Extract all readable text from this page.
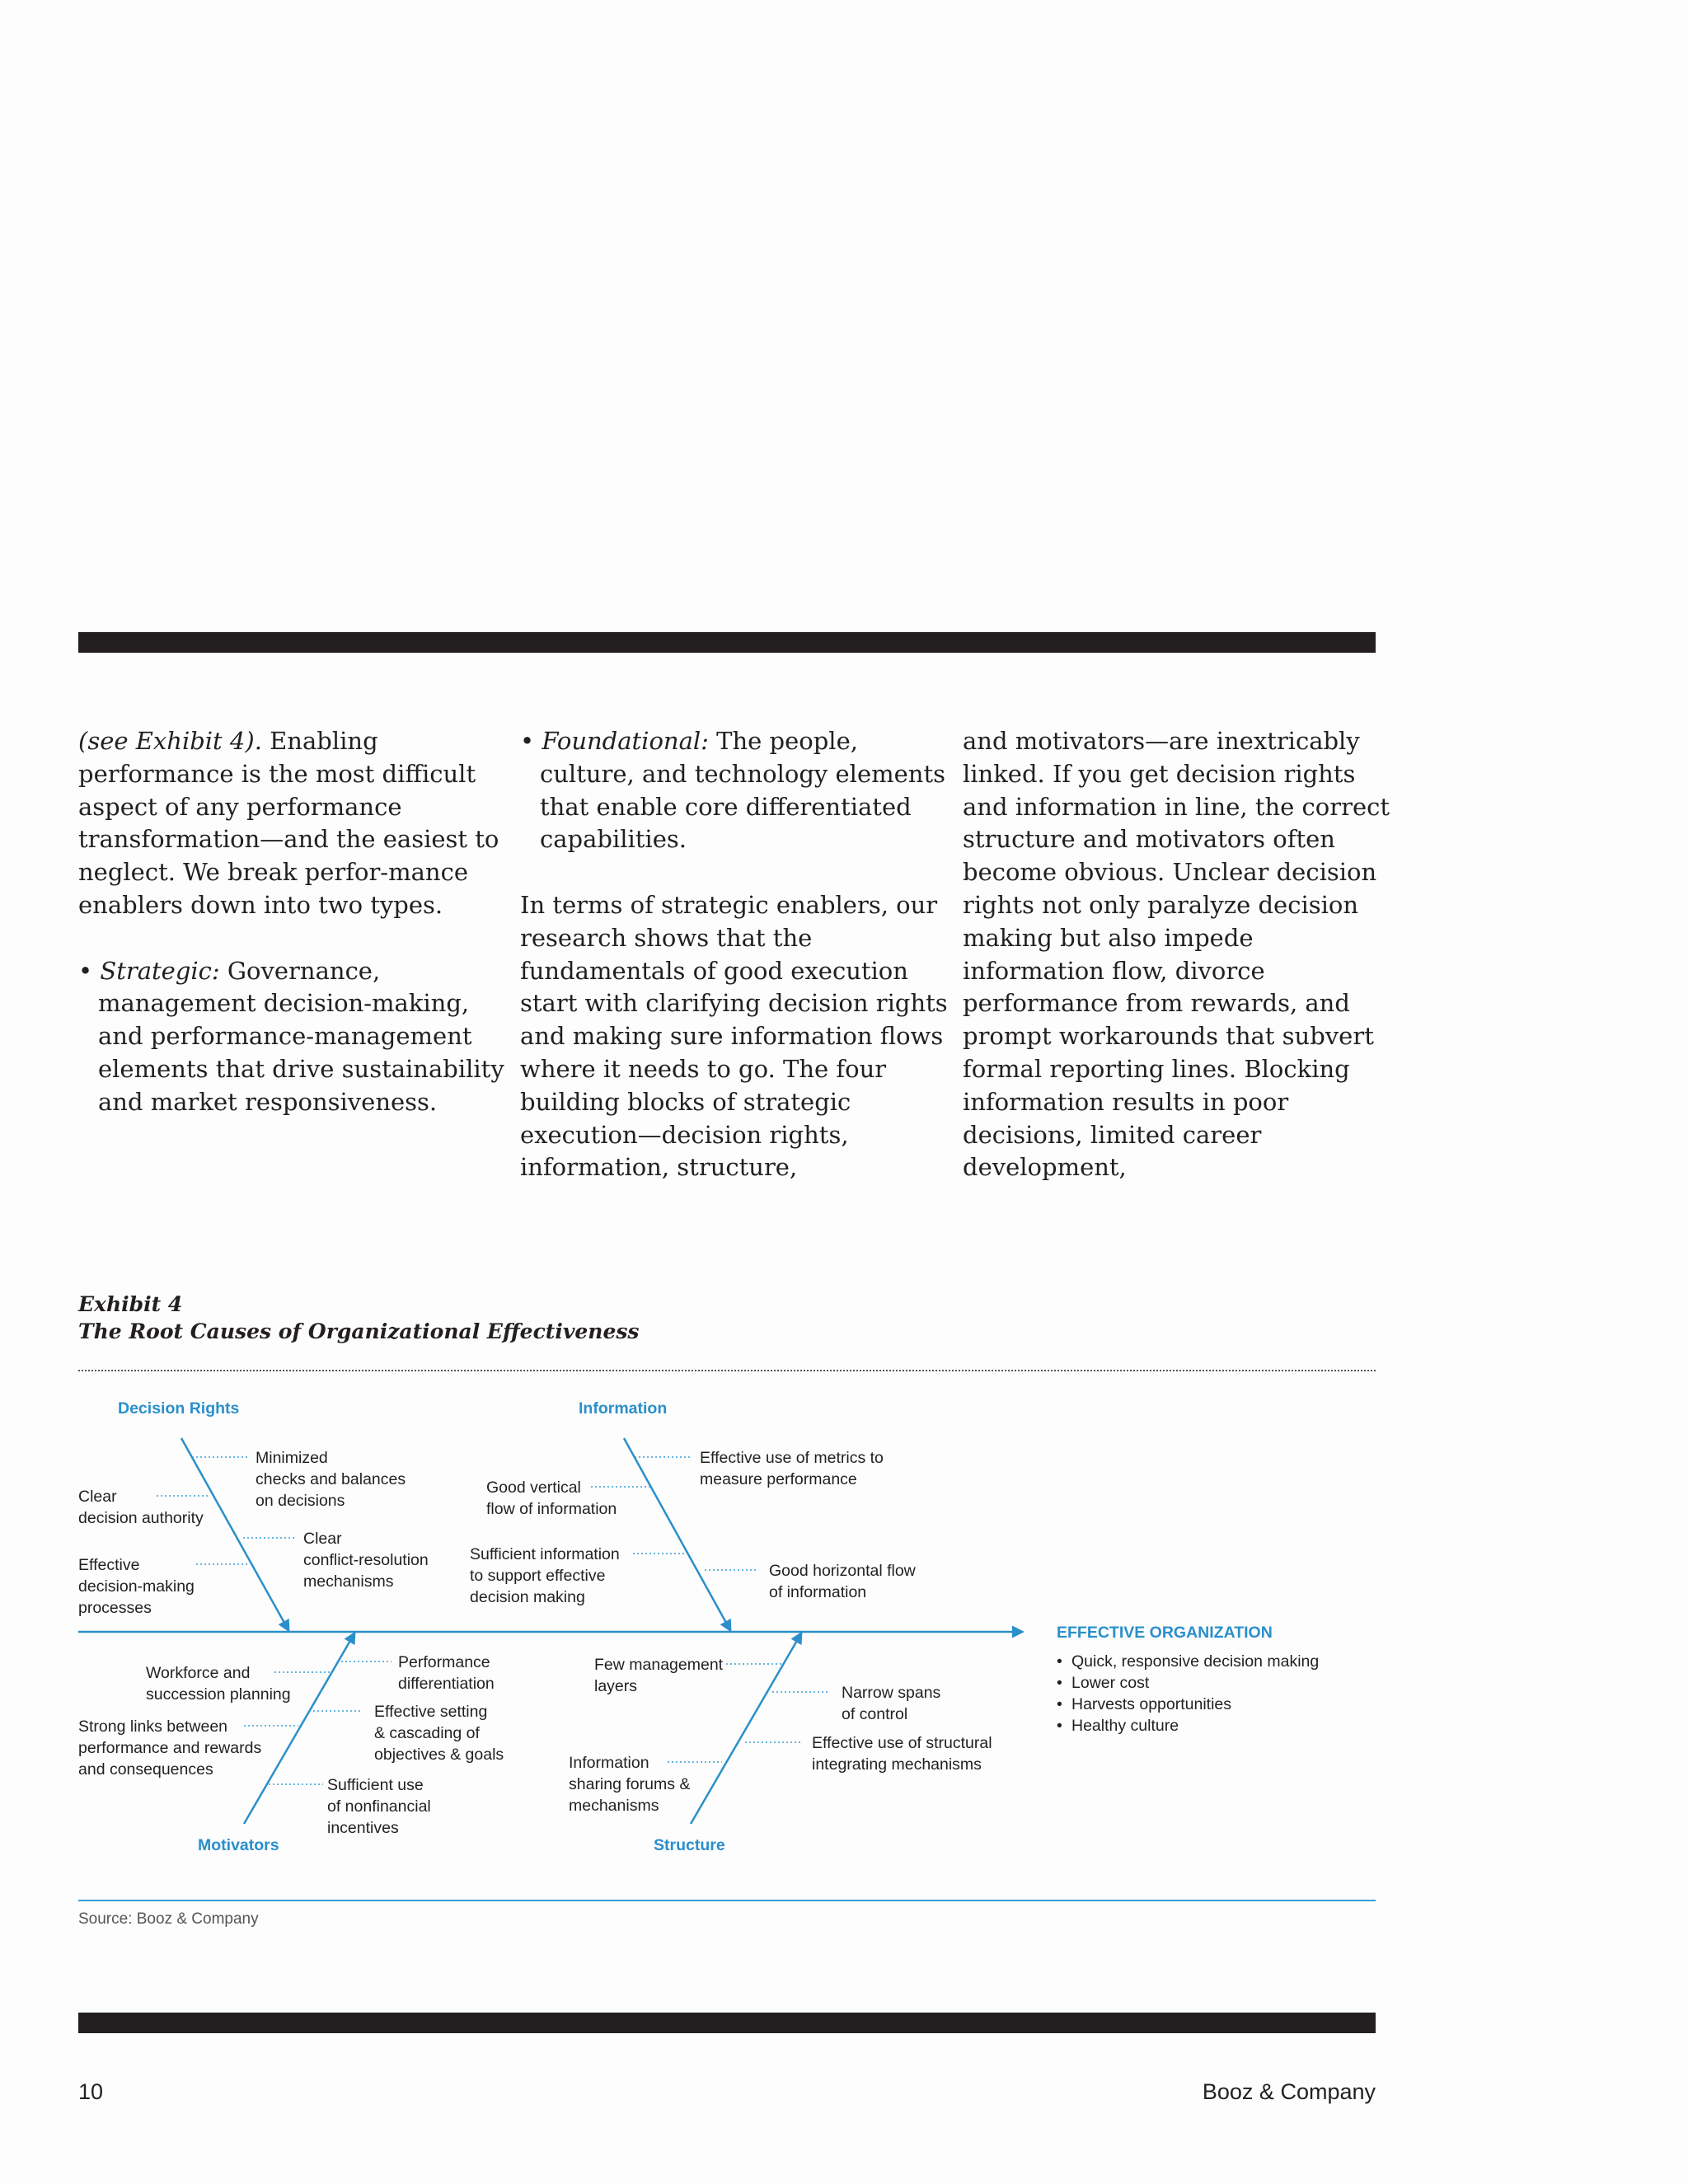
(see Exhibit 4). Enabling performance is the most difficult aspect of any performance transformation—and the easiest to neglect. We break perfor-mance enablers down into two types.

• Strategic: Governance, management decision-making, and performance-management elements that drive sustainability and market responsiveness.

• Foundational: The people, culture, and technology elements that enable core differentiated capabilities.

In terms of strategic enablers, our research shows that the fundamentals of good execution start with clarifying decision rights and making sure information flows where it needs to go. The four building blocks of strategic execution—decision rights, information, structure,

and motivators—are inextricably linked. If you get decision rights and information in line, the correct structure and motivators often become obvious. Unclear decision rights not only paralyze decision making but also impede information flow, divorce performance from rewards, and prompt workarounds that subvert formal reporting lines. Blocking information results in poor decisions, limited career development,

Exhibit 4
The Root Causes of Organizational Effectiveness
Decision Rights
Minimized checks and balances on decisions
Clear decision authority
Clear conflict-resolution mechanisms
Effective decision-making processes
Information
Effective use of metrics to measure performance
Good vertical flow of information
Sufficient information to support effective decision making
Good horizontal flow of information
Workforce and succession planning
Performance differentiation
Strong links between performance and rewards and consequences
Effective setting & cascading of objectives & goals
Sufficient use of nonfinancial incentives
Motivators
Few management layers	Narrow spans of control
Effective use of structural integrating mechanisms
Information sharing forums & mechanisms
Structure
EFFECTIVE ORGANIZATION
• Quick, responsive decision making • Lower cost • Harvests opportunities • Healthy culture
Source: Booz & Company
10	Booz & Company
